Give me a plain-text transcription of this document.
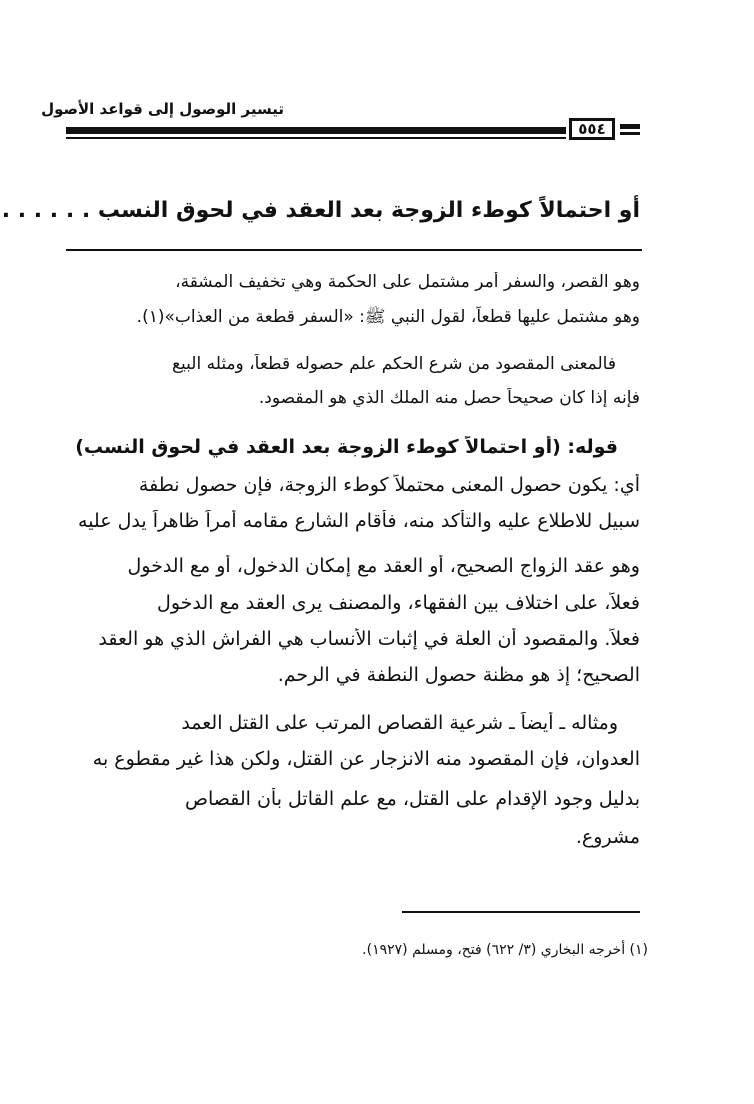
تيسير الوصول إلى قواعد الأصول
٥٥٤
أو احتمالاً كوطء الزوجة بعد العقد في لحوق النسب . . . . . .
وهو القصر، والسفر أمر مشتمل على الحكمة وهي تخفيف المشقة،
وهو مشتمل عليها قطعاً، لقول النبي ﷺ: «السفر قطعة من العذاب»(١).
فالمعنى المقصود من شرع الحكم علم حصوله قطعاً، ومثله البيع
فإنه إذا كان صحيحاً حصل منه الملك الذي هو المقصود.
قوله: (أو احتمالاً كوطء الزوجة بعد العقد في لحوق النسب)
أي: يكون حصول المعنى محتملاً كوطء الزوجة، فإن حصول نطفة
سبيل للاطلاع عليه والتأكد منه، فأقام الشارع مقامه أمراً ظاهراً يدل عليه
وهو عقد الزواج الصحيح، أو العقد مع إمكان الدخول، أو مع الدخول
فعلاً، على اختلاف بين الفقهاء، والمصنف يرى العقد مع الدخول
فعلاً. والمقصود أن العلة في إثبات الأنساب هي الفراش الذي هو العقد
الصحيح؛ إذ هو مظنة حصول النطفة في الرحم.
ومثاله ـ أيضاً ـ شرعية القصاص المرتب على القتل العمد
العدوان، فإن المقصود منه الانزجار عن القتل، ولكن هذا غير مقطوع به
بدليل وجود الإقدام على القتل، مع علم القاتل بأن القصاص
مشروع.
(١) أخرجه البخاري (٣/ ٦٢٢) فتح، ومسلم (١٩٢٧).
